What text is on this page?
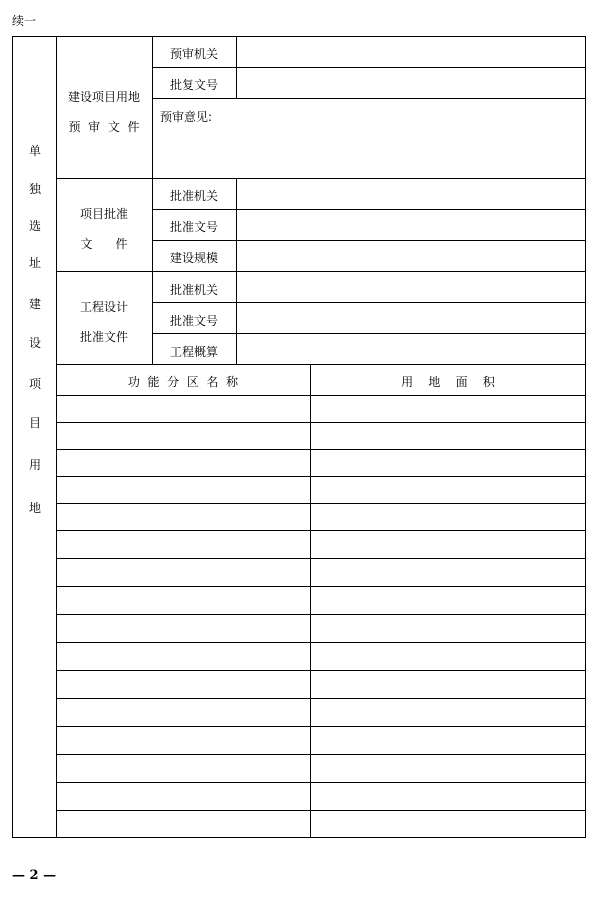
续一
单
独
选
址
建
设
项
目
用
地
建设项目用地
预  审  文  件
预审机关
批复文号
预审意见:
项目批准
文      件
批准机关
批准文号
建设规模
工程设计
批准文件
批准机关
批准文号
工程概算
功  能  分  区  名  称	用    地    面    积
— 2 —
